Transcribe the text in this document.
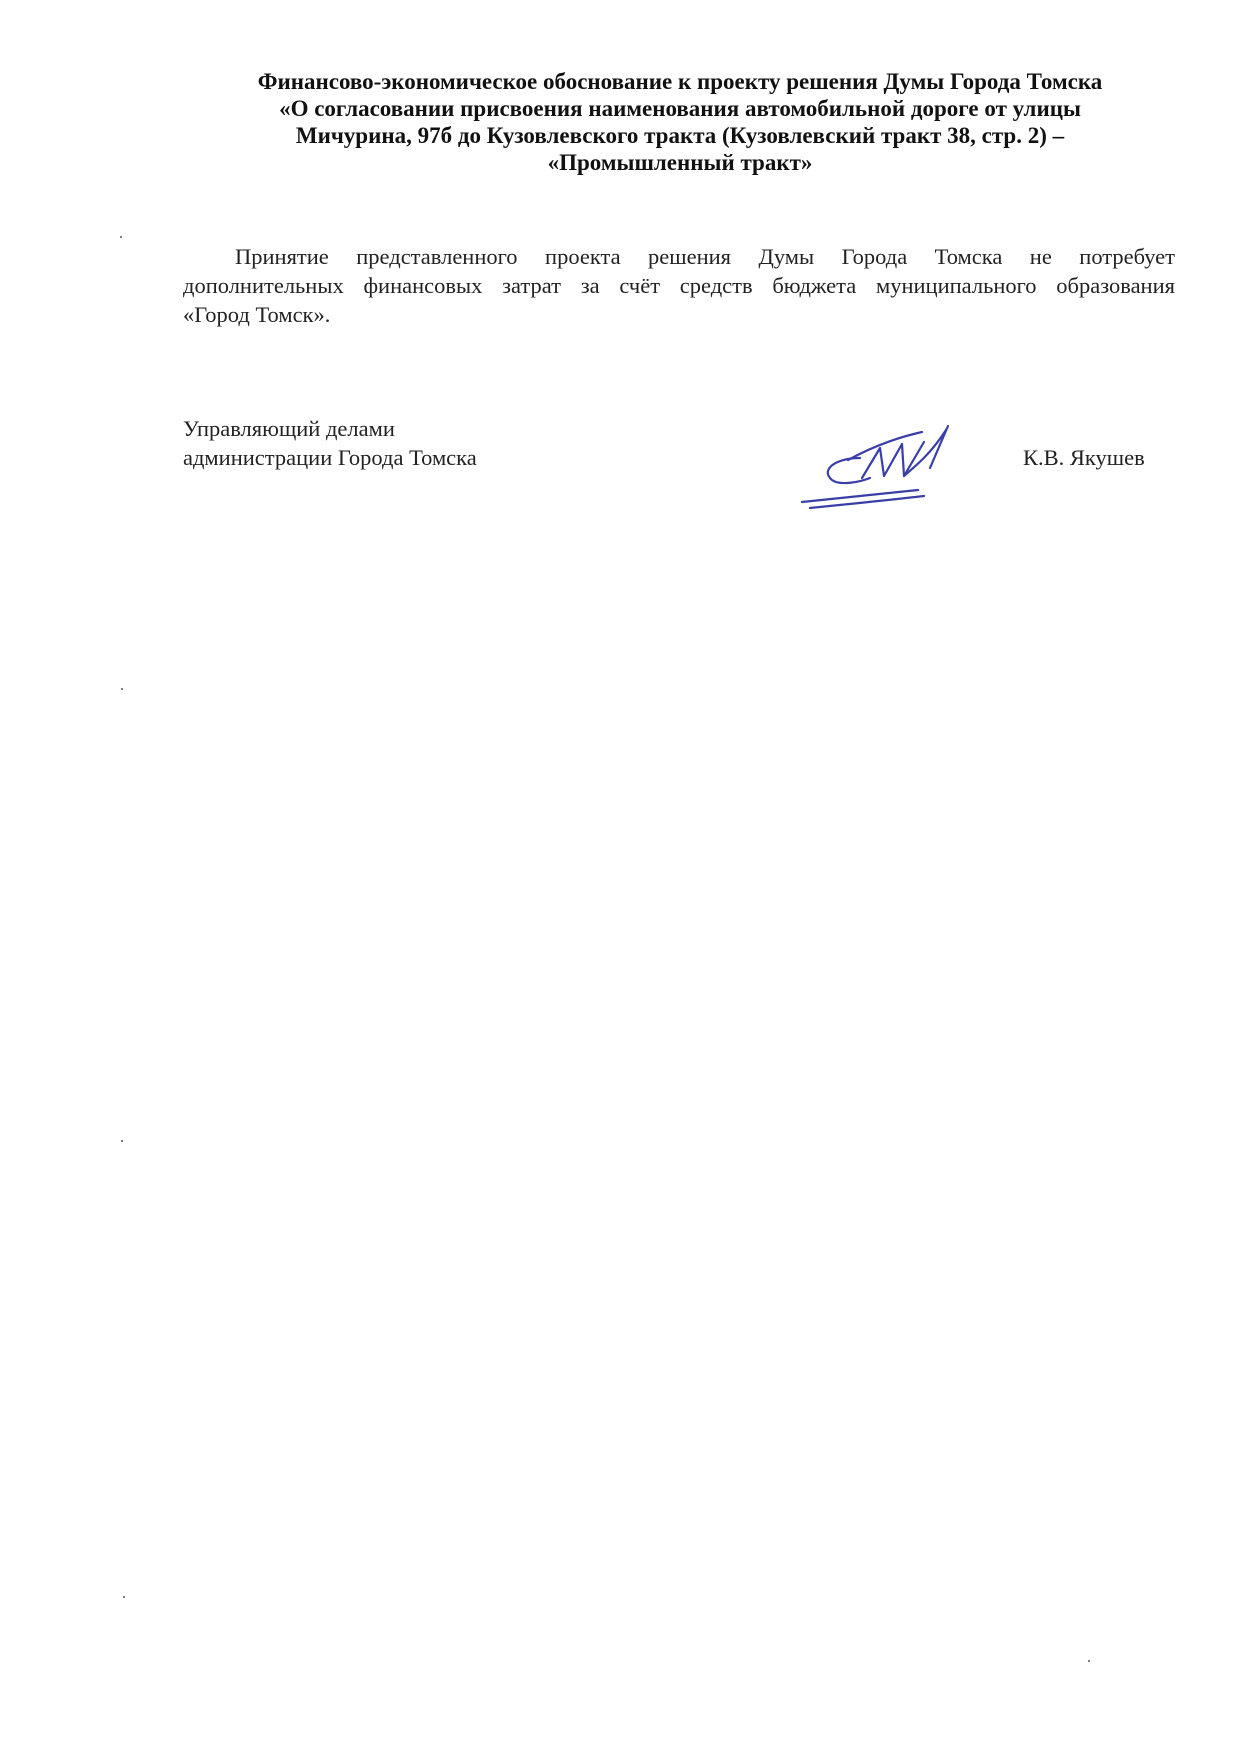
Финансово-экономическое обоснование к проекту решения Думы Города Томска
«О согласовании присвоения наименования автомобильной дороге от улицы
Мичурина, 97б до Кузовлевского тракта (Кузовлевский тракт 38, стр. 2) –
«Промышленный тракт»
Принятие представленного проекта решения Думы Города Томска не потребует
дополнительных финансовых затрат за счёт средств бюджета муниципального образования
«Город Томск».
Управляющий делами
администрации Города Томска	К.В. Якушев
